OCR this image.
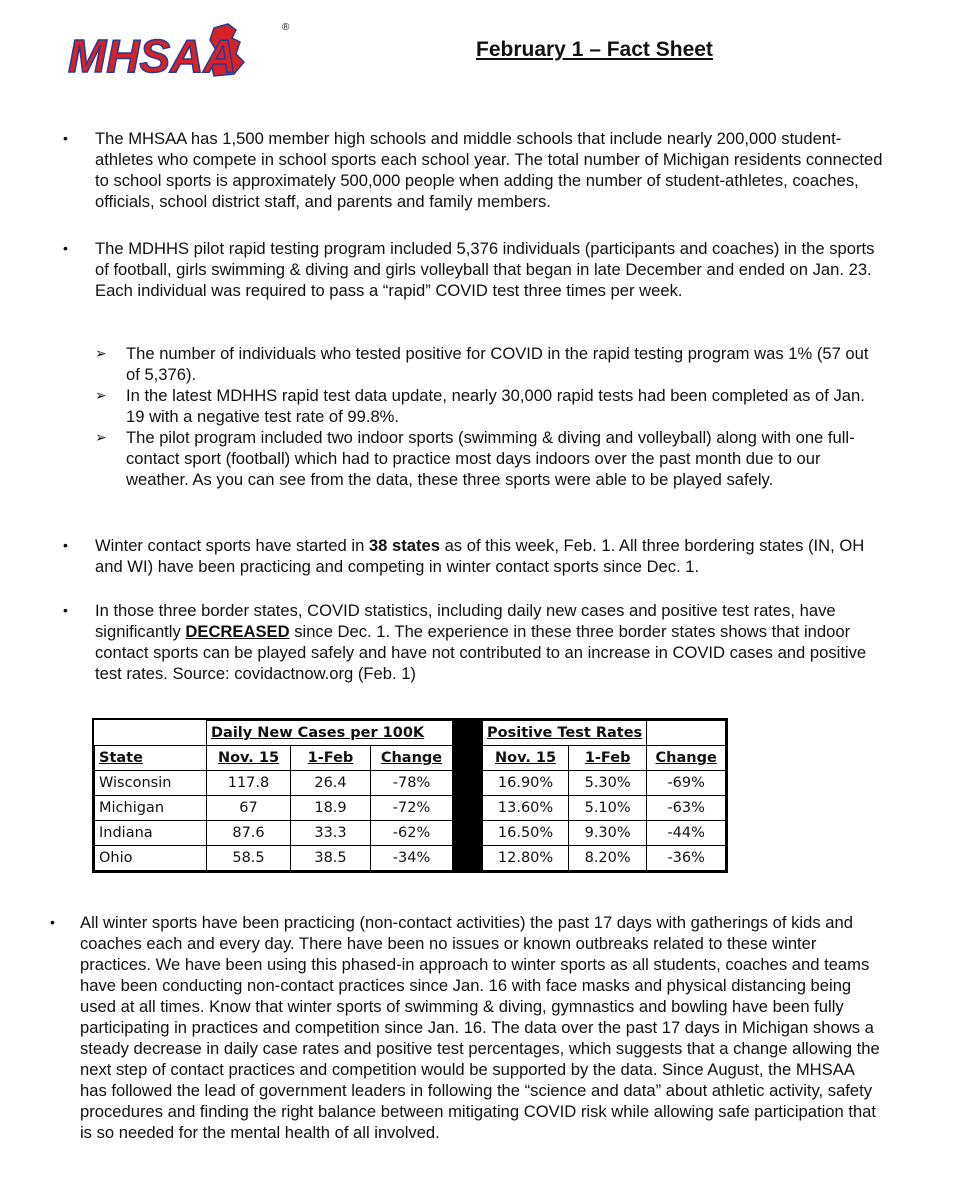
MHSAA
®
February 1 – Fact Sheet
• The MHSAA has 1,500 member high schools and middle schools that include nearly 200,000 student-athletes who compete in school sports each school year. The total number of Michigan residents connected to school sports is approximately 500,000 people when adding the number of student-athletes, coaches, officials, school district staff, and parents and family members.
• The MDHHS pilot rapid testing program included 5,376 individuals (participants and coaches) in the sports of football, girls swimming & diving and girls volleyball that began in late December and ended on Jan. 23. Each individual was required to pass a “rapid” COVID test three times per week.
➢ The number of individuals who tested positive for COVID in the rapid testing program was 1% (57 out of 5,376).
➢ In the latest MDHHS rapid test data update, nearly 30,000 rapid tests had been completed as of Jan. 19 with a negative test rate of 99.8%.
➢ The pilot program included two indoor sports (swimming & diving and volleyball) along with one full-contact sport (football) which had to practice most days indoors over the past month due to our weather. As you can see from the data, these three sports were able to be played safely.
• Winter contact sports have started in 38 states as of this week, Feb. 1. All three bordering states (IN, OH and WI) have been practicing and competing in winter contact sports since Dec. 1.
• In those three border states, COVID statistics, including daily new cases and positive test rates, have significantly DECREASED since Dec. 1. The experience in these three border states shows that indoor contact sports can be played safely and have not contributed to an increase in COVID cases and positive test rates. Source: covidactnow.org (Feb. 1)
	Daily New Cases per 100K				Positive Test Rates		
State	Nov. 15	1-Feb	Change		Nov. 15	1-Feb	Change
Wisconsin	117.8	26.4	-78%		16.90%	5.30%	-69%
Michigan	67	18.9	-72%		13.60%	5.10%	-63%
Indiana	87.6	33.3	-62%		16.50%	9.30%	-44%
Ohio	58.5	38.5	-34%		12.80%	8.20%	-36%
• All winter sports have been practicing (non-contact activities) the past 17 days with gatherings of kids and coaches each and every day. There have been no issues or known outbreaks related to these winter practices. We have been using this phased-in approach to winter sports as all students, coaches and teams have been conducting non-contact practices since Jan. 16 with face masks and physical distancing being used at all times. Know that winter sports of swimming & diving, gymnastics and bowling have been fully participating in practices and competition since Jan. 16. The data over the past 17 days in Michigan shows a steady decrease in daily case rates and positive test percentages, which suggests that a change allowing the next step of contact practices and competition would be supported by the data. Since August, the MHSAA has followed the lead of government leaders in following the “science and data” about athletic activity, safety procedures and finding the right balance between mitigating COVID risk while allowing safe participation that is so needed for the mental health of all involved.
